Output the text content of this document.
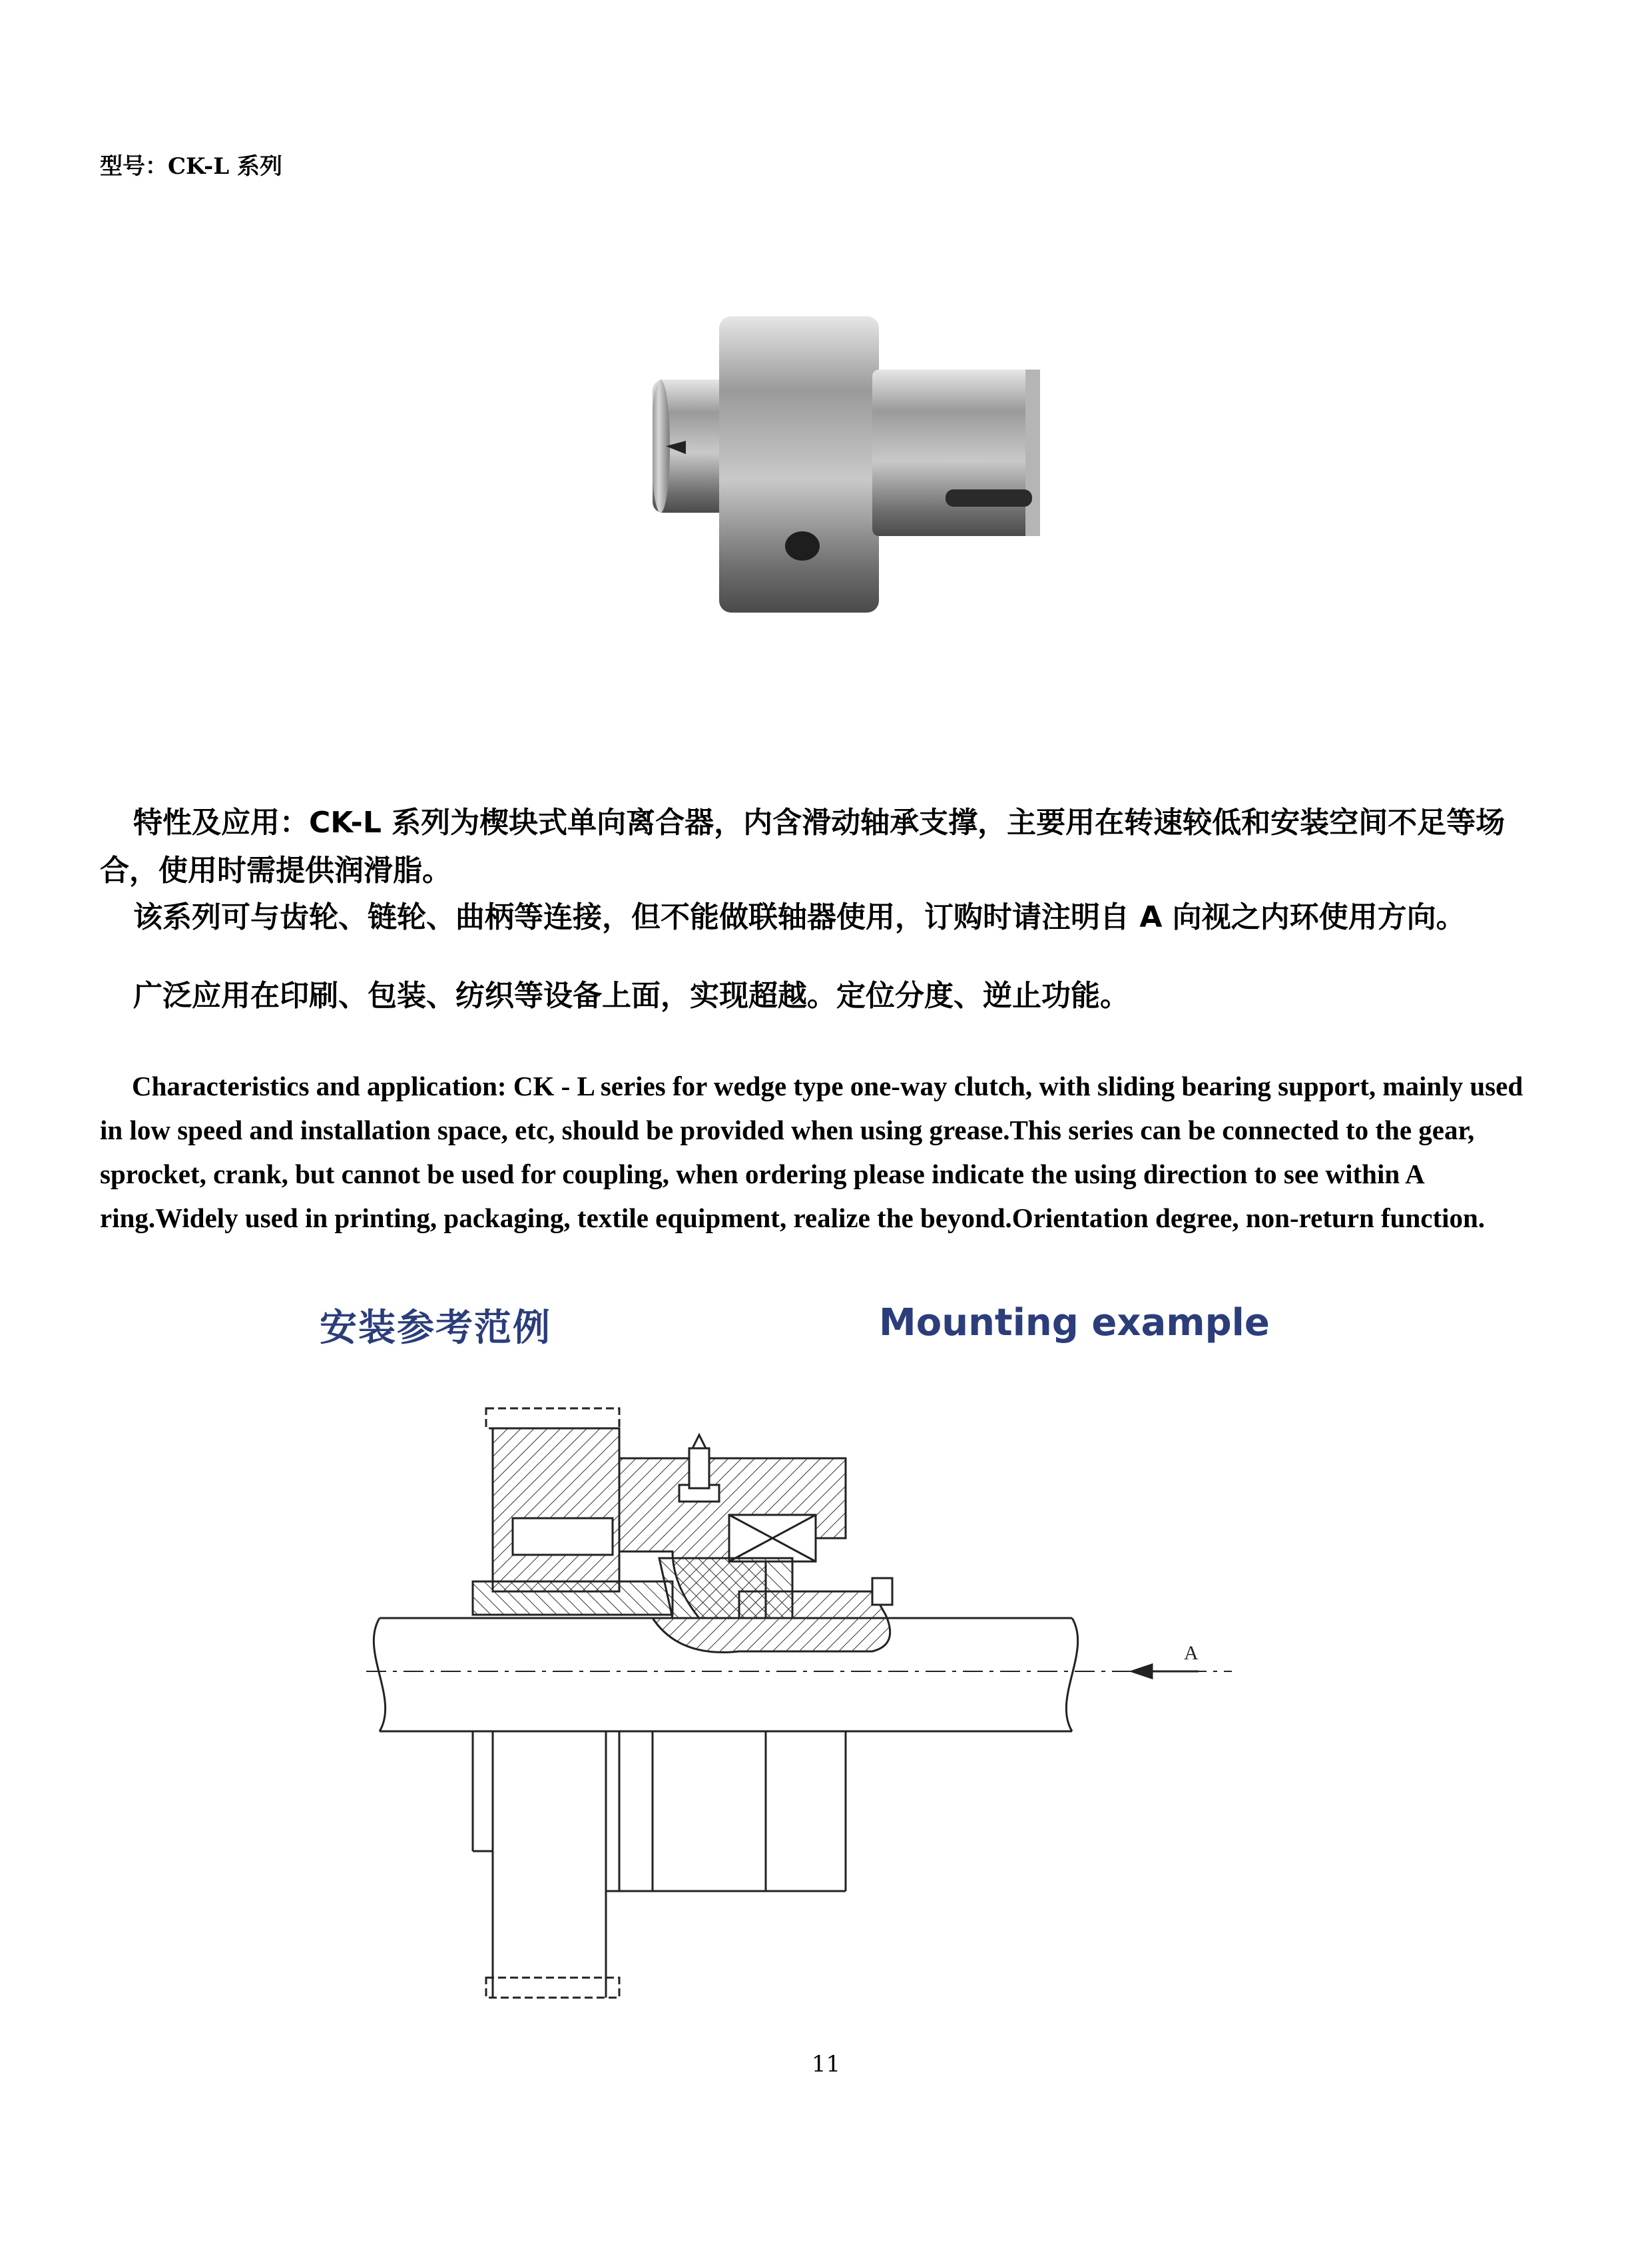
型号：CK-L 系列
特性及应用：CK-L 系列为楔块式单向离合器，内含滑动轴承支撑，主要用在转速较低和安装空间不足等场合，使用时需提供润滑脂。
该系列可与齿轮、链轮、曲柄等连接，但不能做联轴器使用，订购时请注明自 A 向视之内环使用方向。
广泛应用在印刷、包装、纺织等设备上面，实现超越。定位分度、逆止功能。
Characteristics and application: CK - L series for wedge type one-way clutch, with sliding bearing support, mainly used in low speed and installation space, etc, should be provided when using grease.This series can be connected to the gear, sprocket, crank, but cannot be used for coupling, when ordering please indicate the using direction to see within A ring.Widely used in printing, packaging, textile equipment, realize the beyond.Orientation degree, non-return function.
安装参考范例	Mounting example
A
11
